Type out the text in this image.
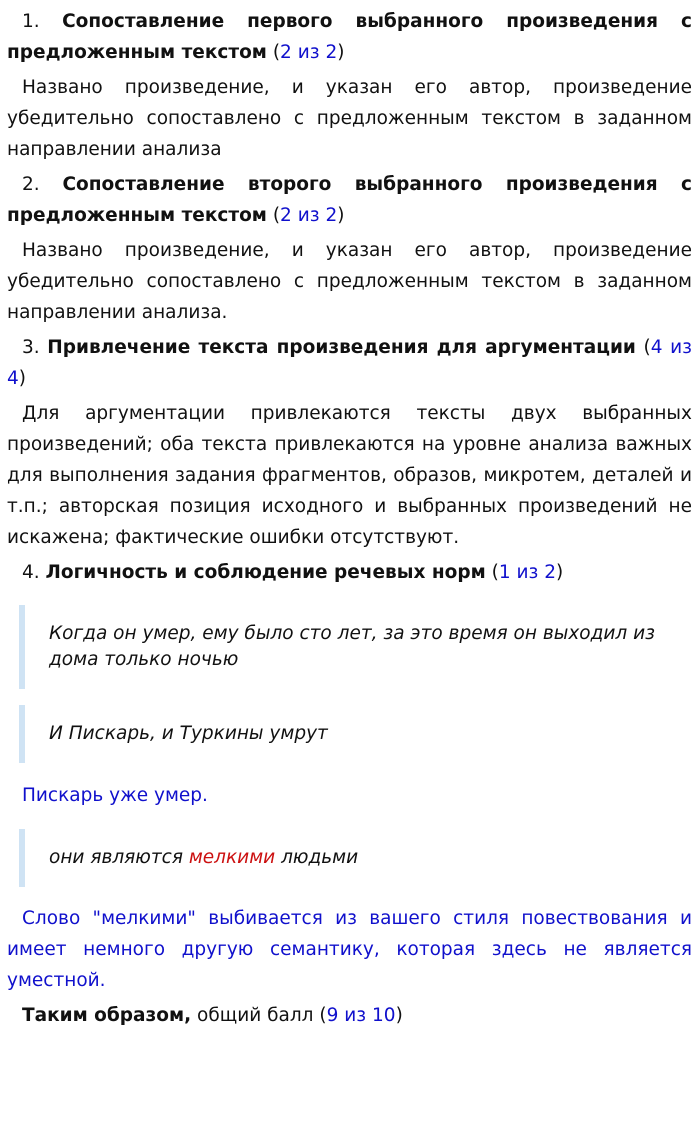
1. Сопоставление первого выбранного произведения с предложенным текстом (2 из 2)

Названо произведение, и указан его автор, произведение убедительно сопоставлено с предложенным текстом в заданном направлении анализа

2. Сопоставление второго выбранного произведения с предложенным текстом (2 из 2)

Названо произведение, и указан его автор, произведение убедительно сопоставлено с предложенным текстом в заданном направлении анализа.

3. Привлечение текста произведения для аргументации (4 из 4)

Для аргументации привлекаются тексты двух выбранных произведений; оба текста привлекаются на уровне анализа важных для выполнения задания фрагментов, образов, микротем, деталей и т.п.; авторская позиция исходного и выбранных произведений не искажена; фактические ошибки отсутствуют.

4. Логичность и соблюдение речевых норм (1 из 2)

Когда он умер, ему было сто лет, за это время он выходил из дома только ночью
И Пискарь, и Туркины умрут

Пискарь уже умер.

они являются мелкими людьми

Слово "мелкими" выбивается из вашего стиля повествования и имеет немного другую семантику, которая здесь не является уместной.

Таким образом, общий балл (9 из 10)
